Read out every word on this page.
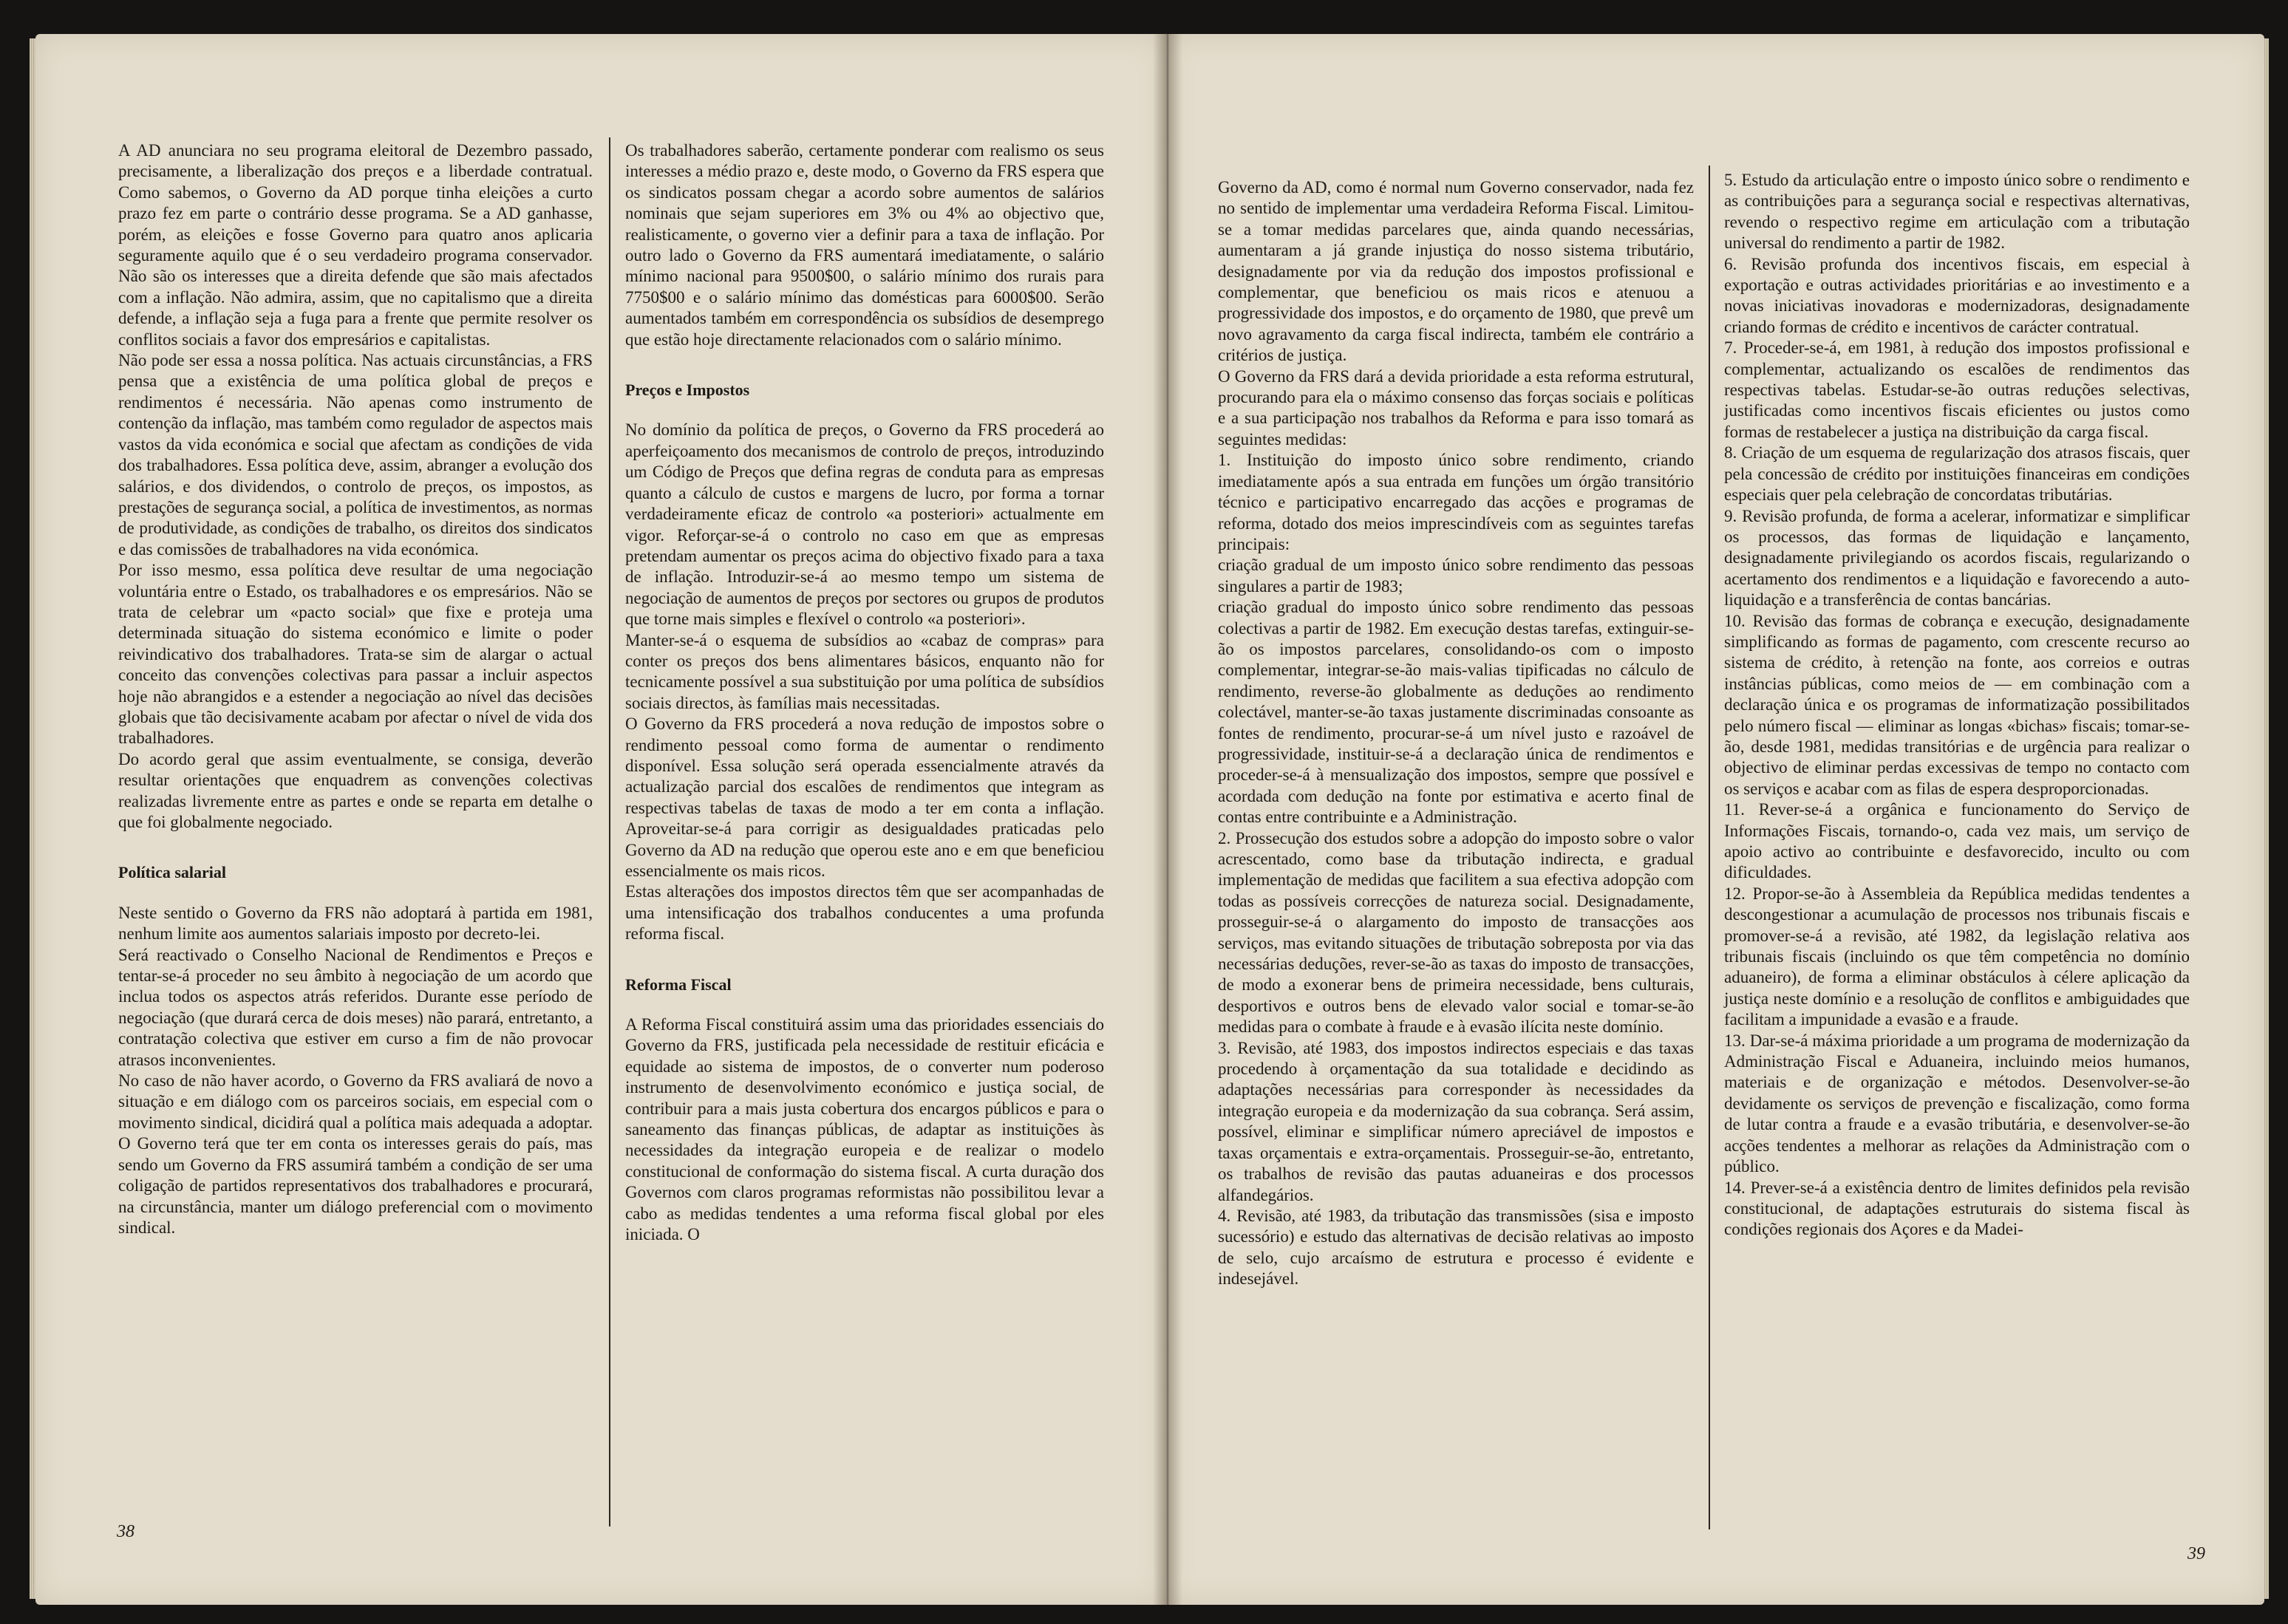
A AD anunciara no seu programa eleitoral de Dezembro passado, precisamente, a liberalização dos preços e a liberdade contratual. Como sabemos, o Governo da AD porque tinha eleições a curto prazo fez em parte o contrário desse programa. Se a AD ganhasse, porém, as eleições e fosse Governo para quatro anos aplicaria seguramente aquilo que é o seu verdadeiro programa conservador. Não são os interesses que a direita defende que são mais afectados com a inflação. Não admira, assim, que no capitalismo que a direita defende, a inflação seja a fuga para a frente que permite resolver os conflitos sociais a favor dos empresários e capitalistas.

Não pode ser essa a nossa política. Nas actuais circunstâncias, a FRS pensa que a existência de uma política global de preços e rendimentos é necessária. Não apenas como instrumento de contenção da inflação, mas também como regulador de aspectos mais vastos da vida económica e social que afectam as condições de vida dos trabalhadores. Essa política deve, assim, abranger a evolução dos salários, e dos dividendos, o controlo de preços, os impostos, as prestações de segurança social, a política de investimentos, as normas de produtividade, as condições de trabalho, os direitos dos sindicatos e das comissões de trabalhadores na vida económica.

Por isso mesmo, essa política deve resultar de uma negociação voluntária entre o Estado, os trabalhadores e os empresários. Não se trata de celebrar um «pacto social» que fixe e proteja uma determinada situação do sistema económico e limite o poder reivindicativo dos trabalhadores. Trata-se sim de alargar o actual conceito das convenções colectivas para passar a incluir aspectos hoje não abrangidos e a estender a negociação ao nível das decisões globais que tão decisivamente acabam por afectar o nível de vida dos trabalhadores.

Do acordo geral que assim eventualmente, se consiga, deverão resultar orientações que enquadrem as convenções colectivas realizadas livremente entre as partes e onde se reparta em detalhe o que foi globalmente negociado.

Política salarial

Neste sentido o Governo da FRS não adoptará à partida em 1981, nenhum limite aos aumentos salariais imposto por decreto-lei.

Será reactivado o Conselho Nacional de Rendimentos e Preços e tentar-se-á proceder no seu âmbito à negociação de um acordo que inclua todos os aspectos atrás referidos. Durante esse período de negociação (que durará cerca de dois meses) não parará, entretanto, a contratação colectiva que estiver em curso a fim de não provocar atrasos inconvenientes.

No caso de não haver acordo, o Governo da FRS avaliará de novo a situação e em diálogo com os parceiros sociais, em especial com o movimento sindical, dicidirá qual a política mais adequada a adoptar. O Governo terá que ter em conta os interesses gerais do país, mas sendo um Governo da FRS assumirá também a condição de ser uma coligação de partidos representativos dos trabalhadores e procurará, na circunstância, manter um diálogo preferencial com o movimento sindical.

Os trabalhadores saberão, certamente ponderar com realismo os seus interesses a médio prazo e, deste modo, o Governo da FRS espera que os sindicatos possam chegar a acordo sobre aumentos de salários nominais que sejam superiores em 3% ou 4% ao objectivo que, realisticamente, o governo vier a definir para a taxa de inflação. Por outro lado o Governo da FRS aumentará imediatamente, o salário mínimo nacional para 9500$00, o salário mínimo dos rurais para 7750$00 e o salário mínimo das domésticas para 6000$00. Serão aumentados também em correspondência os subsídios de desemprego que estão hoje directamente relacionados com o salário mínimo.

Preços e Impostos

No domínio da política de preços, o Governo da FRS procederá ao aperfeiçoamento dos mecanismos de controlo de preços, introduzindo um Código de Preços que defina regras de conduta para as empresas quanto a cálculo de custos e margens de lucro, por forma a tornar verdadeiramente eficaz de controlo «a posteriori» actualmente em vigor. Reforçar-se-á o controlo no caso em que as empresas pretendam aumentar os preços acima do objectivo fixado para a taxa de inflação. Introduzir-se-á ao mesmo tempo um sistema de negociação de aumentos de preços por sectores ou grupos de produtos que torne mais simples e flexível o controlo «a posteriori».

Manter-se-á o esquema de subsídios ao «cabaz de compras» para conter os preços dos bens alimentares básicos, enquanto não for tecnicamente possível a sua substituição por uma política de subsídios sociais directos, às famílias mais necessitadas.

O Governo da FRS procederá a nova redução de impostos sobre o rendimento pessoal como forma de aumentar o rendimento disponível. Essa solução será operada essencialmente através da actualização parcial dos escalões de rendimentos que integram as respectivas tabelas de taxas de modo a ter em conta a inflação. Aproveitar-se-á para corrigir as desigualdades praticadas pelo Governo da AD na redução que operou este ano e em que beneficiou essencialmente os mais ricos.

Estas alterações dos impostos directos têm que ser acompanhadas de uma intensificação dos trabalhos conducentes a uma profunda reforma fiscal.

Reforma Fiscal

A Reforma Fiscal constituirá assim uma das prioridades essenciais do Governo da FRS, justificada pela necessidade de restituir eficácia e equidade ao sistema de impostos, de o converter num poderoso instrumento de desenvolvimento económico e justiça social, de contribuir para a mais justa cobertura dos encargos públicos e para o saneamento das finanças públicas, de adaptar as instituições às necessidades da integração europeia e de realizar o modelo constitucional de conformação do sistema fiscal. A curta duração dos Governos com claros programas reformistas não possibilitou levar a cabo as medidas tendentes a uma reforma fiscal global por eles iniciada. O

38

Governo da AD, como é normal num Governo conservador, nada fez no sentido de implementar uma verdadeira Reforma Fiscal. Limitou-se a tomar medidas parcelares que, ainda quando necessárias, aumentaram a já grande injustiça do nosso sistema tributário, designadamente por via da redução dos impostos profissional e complementar, que beneficiou os mais ricos e atenuou a progressividade dos impostos, e do orçamento de 1980, que prevê um novo agravamento da carga fiscal indirecta, também ele contrário a critérios de justiça.

O Governo da FRS dará a devida prioridade a esta reforma estrutural, procurando para ela o máximo consenso das forças sociais e políticas e a sua participação nos trabalhos da Reforma e para isso tomará as seguintes medidas:

1. Instituição do imposto único sobre rendimento, criando imediatamente após a sua entrada em funções um órgão transitório técnico e participativo encarregado das acções e programas de reforma, dotado dos meios imprescindíveis com as seguintes tarefas principais:

criação gradual de um imposto único sobre rendimento das pessoas singulares a partir de 1983;

criação gradual do imposto único sobre rendimento das pessoas colectivas a partir de 1982. Em execução destas tarefas, extinguir-se-ão os impostos parcelares, consolidando-os com o imposto complementar, integrar-se-ão mais-valias tipificadas no cálculo de rendimento, reverse-ão globalmente as deduções ao rendimento colectável, manter-se-ão taxas justamente discriminadas consoante as fontes de rendimento, procurar-se-á um nível justo e razoável de progressividade, instituir-se-á a declaração única de rendimentos e proceder-se-á à mensualização dos impostos, sempre que possível e acordada com dedução na fonte por estimativa e acerto final de contas entre contribuinte e a Administração.

2. Prossecução dos estudos sobre a adopção do imposto sobre o valor acrescentado, como base da tributação indirecta, e gradual implementação de medidas que facilitem a sua efectiva adopção com todas as possíveis correcções de natureza social. Designadamente, prosseguir-se-á o alargamento do imposto de transacções aos serviços, mas evitando situações de tributação sobreposta por via das necessárias deduções, rever-se-ão as taxas do imposto de transacções, de modo a exonerar bens de primeira necessidade, bens culturais, desportivos e outros bens de elevado valor social e tomar-se-ão medidas para o combate à fraude e à evasão ilícita neste domínio.

3. Revisão, até 1983, dos impostos indirectos especiais e das taxas procedendo à orçamentação da sua totalidade e decidindo as adaptações necessárias para corresponder às necessidades da integração europeia e da modernização da sua cobrança. Será assim, possível, eliminar e simplificar número apreciável de impostos e taxas orçamentais e extra-orçamentais. Prosseguir-se-ão, entretanto, os trabalhos de revisão das pautas aduaneiras e dos processos alfandegários.

4. Revisão, até 1983, da tributação das transmissões (sisa e imposto sucessório) e estudo das alternativas de decisão relativas ao imposto de selo, cujo arcaísmo de estrutura e processo é evidente e indesejável.

5. Estudo da articulação entre o imposto único sobre o rendimento e as contribuições para a segurança social e respectivas alternativas, revendo o respectivo regime em articulação com a tributação universal do rendimento a partir de 1982.

6. Revisão profunda dos incentivos fiscais, em especial à exportação e outras actividades prioritárias e ao investimento e a novas iniciativas inovadoras e modernizadoras, designadamente criando formas de crédito e incentivos de carácter contratual.

7. Proceder-se-á, em 1981, à redução dos impostos profissional e complementar, actualizando os escalões de rendimentos das respectivas tabelas. Estudar-se-ão outras reduções selectivas, justificadas como incentivos fiscais eficientes ou justos como formas de restabelecer a justiça na distribuição da carga fiscal.

8. Criação de um esquema de regularização dos atrasos fiscais, quer pela concessão de crédito por instituições financeiras em condições especiais quer pela celebração de concordatas tributárias.

9. Revisão profunda, de forma a acelerar, informatizar e simplificar os processos, das formas de liquidação e lançamento, designadamente privilegiando os acordos fiscais, regularizando o acertamento dos rendimentos e a liquidação e favorecendo a auto-liquidação e a transferência de contas bancárias.

10. Revisão das formas de cobrança e execução, designadamente simplificando as formas de pagamento, com crescente recurso ao sistema de crédito, à retenção na fonte, aos correios e outras instâncias públicas, como meios de — em combinação com a declaração única e os programas de informatização possibilitados pelo número fiscal — eliminar as longas «bichas» fiscais; tomar-se-ão, desde 1981, medidas transitórias e de urgência para realizar o objectivo de eliminar perdas excessivas de tempo no contacto com os serviços e acabar com as filas de espera desproporcionadas.

11. Rever-se-á a orgânica e funcionamento do Serviço de Informações Fiscais, tornando-o, cada vez mais, um serviço de apoio activo ao contribuinte e desfavorecido, inculto ou com dificuldades.

12. Propor-se-ão à Assembleia da República medidas tendentes a descongestionar a acumulação de processos nos tribunais fiscais e promover-se-á a revisão, até 1982, da legislação relativa aos tribunais fiscais (incluindo os que têm competência no domínio aduaneiro), de forma a eliminar obstáculos à célere aplicação da justiça neste domínio e a resolução de conflitos e ambiguidades que facilitam a impunidade a evasão e a fraude.

13. Dar-se-á máxima prioridade a um programa de modernização da Administração Fiscal e Aduaneira, incluindo meios humanos, materiais e de organização e métodos. Desenvolver-se-ão devidamente os serviços de prevenção e fiscalização, como forma de lutar contra a fraude e a evasão tributária, e desenvolver-se-ão acções tendentes a melhorar as relações da Administração com o público.

14. Prever-se-á a existência dentro de limites definidos pela revisão constitucional, de adaptações estruturais do sistema fiscal às condições regionais dos Açores e da Madei-

39
